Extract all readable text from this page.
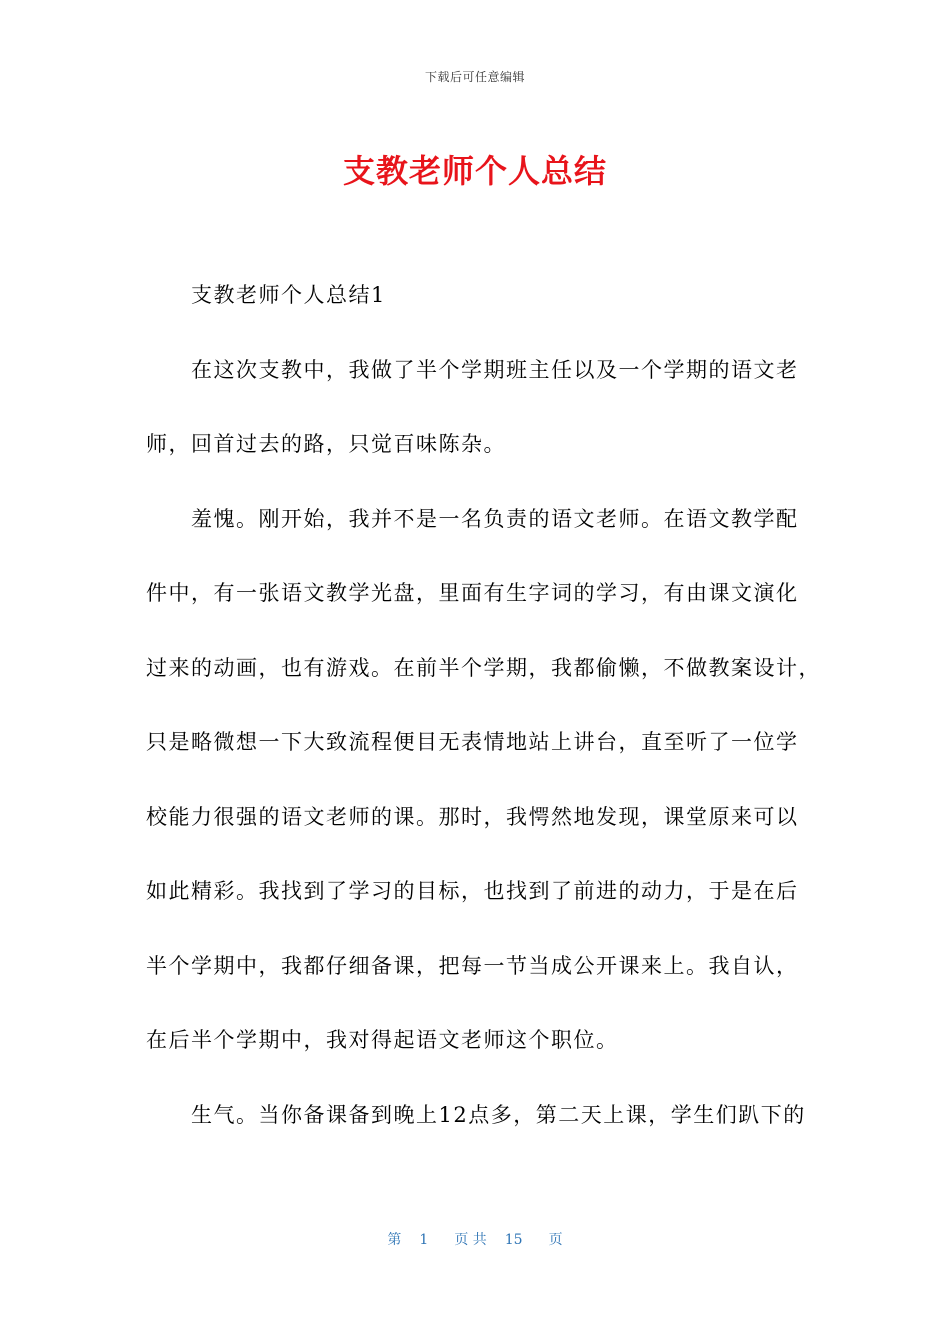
下载后可任意编辑
支教老师个人总结
支教老师个人总结1
在这次支教中，我做了半个学期班主任以及一个学期的语文老
师，回首过去的路，只觉百味陈杂。
羞愧。刚开始，我并不是一名负责的语文老师。在语文教学配
件中，有一张语文教学光盘，里面有生字词的学习，有由课文演化
过来的动画，也有游戏。在前半个学期，我都偷懒，不做教案设计，
只是略微想一下大致流程便目无表情地站上讲台，直至听了一位学
校能力很强的语文老师的课。那时，我愕然地发现，课堂原来可以
如此精彩。我找到了学习的目标，也找到了前进的动力，于是在后
半个学期中，我都仔细备课，把每一节当成公开课来上。我自认，
在后半个学期中，我对得起语文老师这个职位。
生气。当你备课备到晚上12点多，第二天上课，学生们趴下的
第 1 页 共 15 页
